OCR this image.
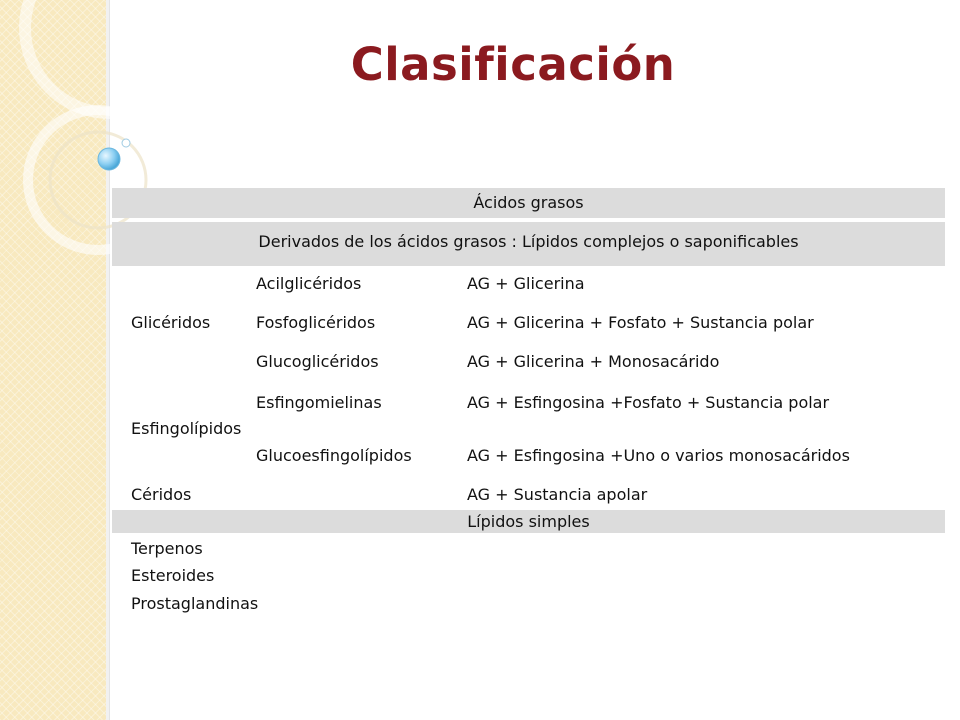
Clasificación
Ácidos grasos
Derivados de los ácidos grasos : Lípidos complejos o saponificables
Glicéridos
Acilglicéridos	AG + Glicerina
Fosfoglicéridos	AG + Glicerina + Fosfato + Sustancia polar
Glucoglicéridos	AG + Glicerina + Monosacárido
Esfingolípidos
Esfingomielinas	AG + Esfingosina +Fosfato + Sustancia polar
Glucoesfingolípidos	AG + Esfingosina +Uno o varios monosacáridos
Céridos	AG + Sustancia apolar
Lípidos simples
Terpenos
Esteroides
Prostaglandinas
